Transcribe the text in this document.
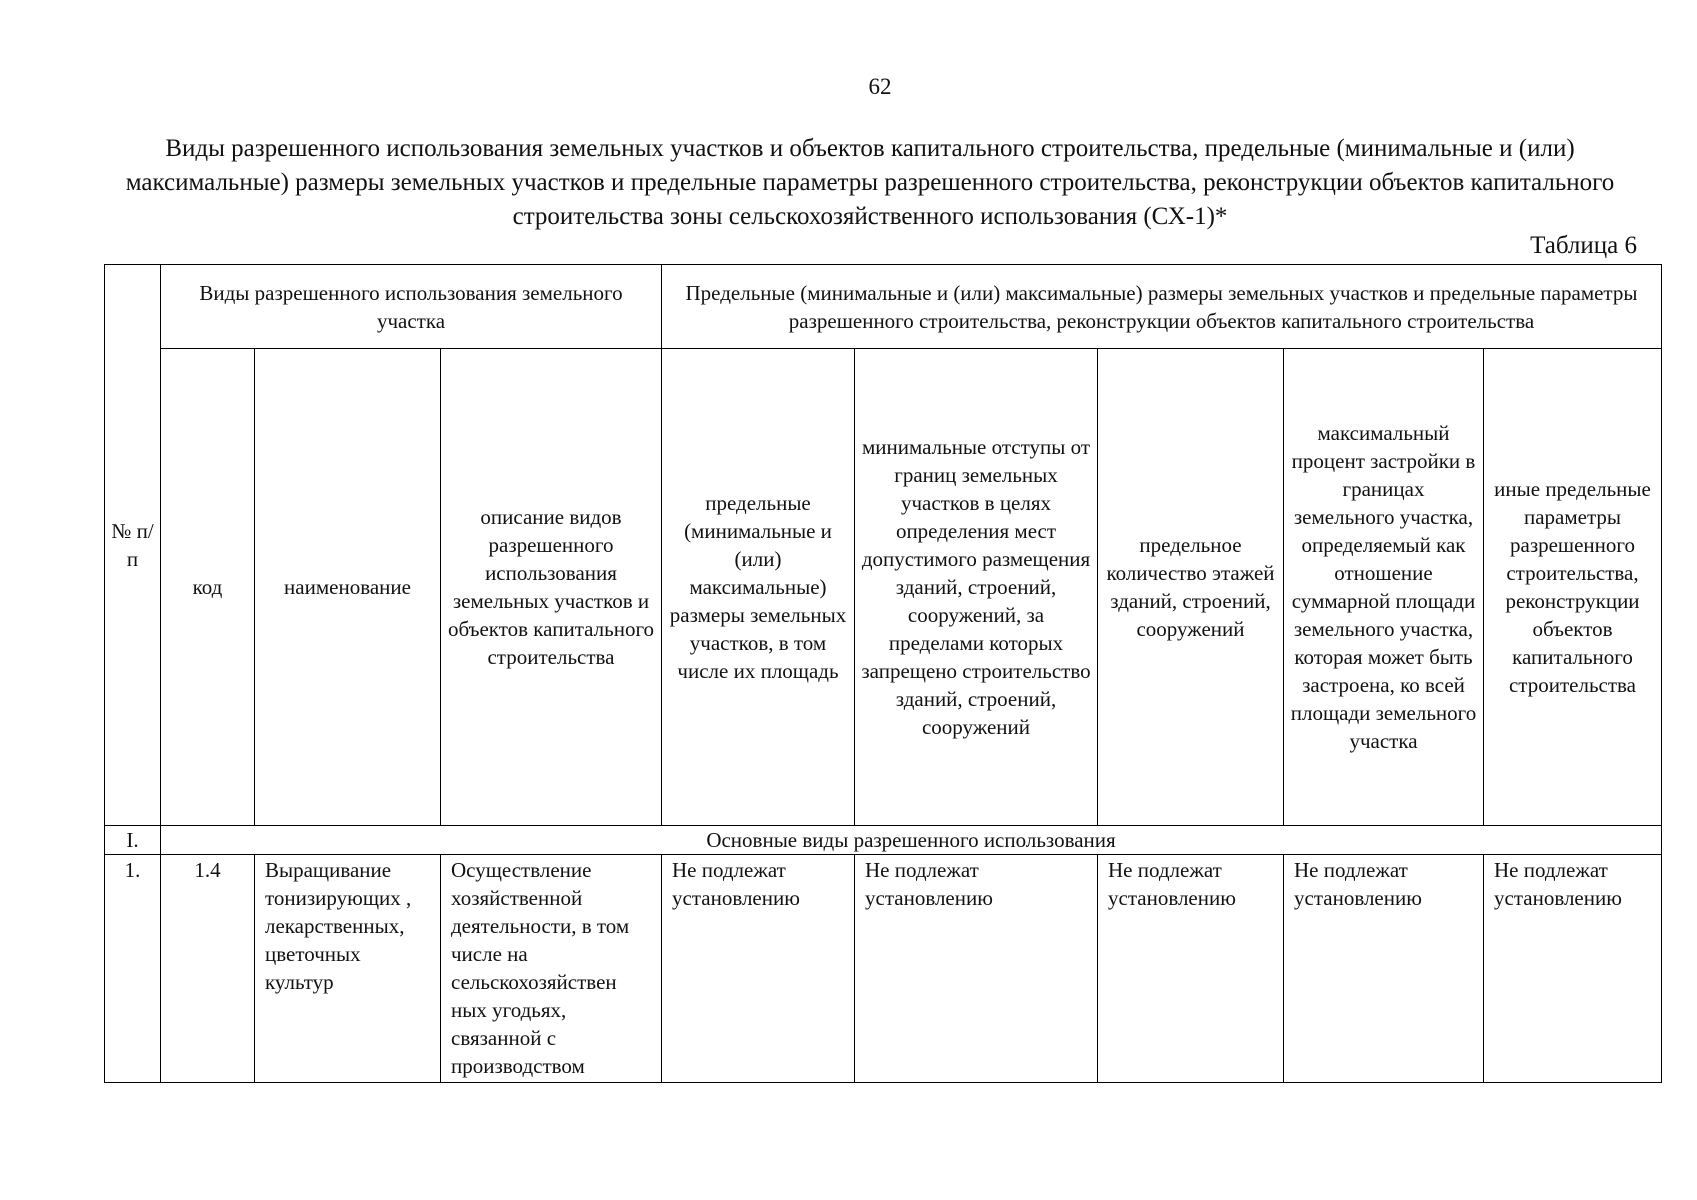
62
Виды разрешенного использования земельных участков и объектов капитального строительства, предельные (минимальные и (или) максимальные) размеры земельных участков и предельные параметры разрешенного строительства, реконструкции объектов капитального строительства зоны сельскохозяйственного использования (СХ-1)*
Таблица 6
№ п/п	Виды разрешенного использования земельного участка			Предельные (минимальные и (или) максимальные) размеры земельных участков и предельные параметры разрешенного строительства, реконструкции объектов капитального строительства				
	код	наименование	описание видов разрешенного использования земельных участков и объектов капитального строительства	предельные (минимальные и (или) максимальные) размеры земельных участков, в том числе их площадь	минимальные отступы от границ земельных участков в целях определения мест допустимого размещения зданий, строений, сооружений, за пределами которых запрещено строительство зданий, строений, сооружений	предельное количество этажей зданий, строений, сооружений	максимальный процент застройки в границах земельного участка, определяемый как отношение суммарной площади земельного участка, которая может быть застроена, ко всей площади земельного участка	иные предельные параметры разрешенного строительства, реконструкции объектов капитального строительства
I.	Основные виды разрешенного использования							
1.	1.4	Выращивание тонизирующих , лекарственных, цветочных культур	Осуществление хозяйственной деятельности, в том числе на сельскохозяйствен ных угодьях, связанной с производством	Не подлежат установлению	Не подлежат установлению	Не подлежат установлению	Не подлежат установлению	Не подлежат установлению
